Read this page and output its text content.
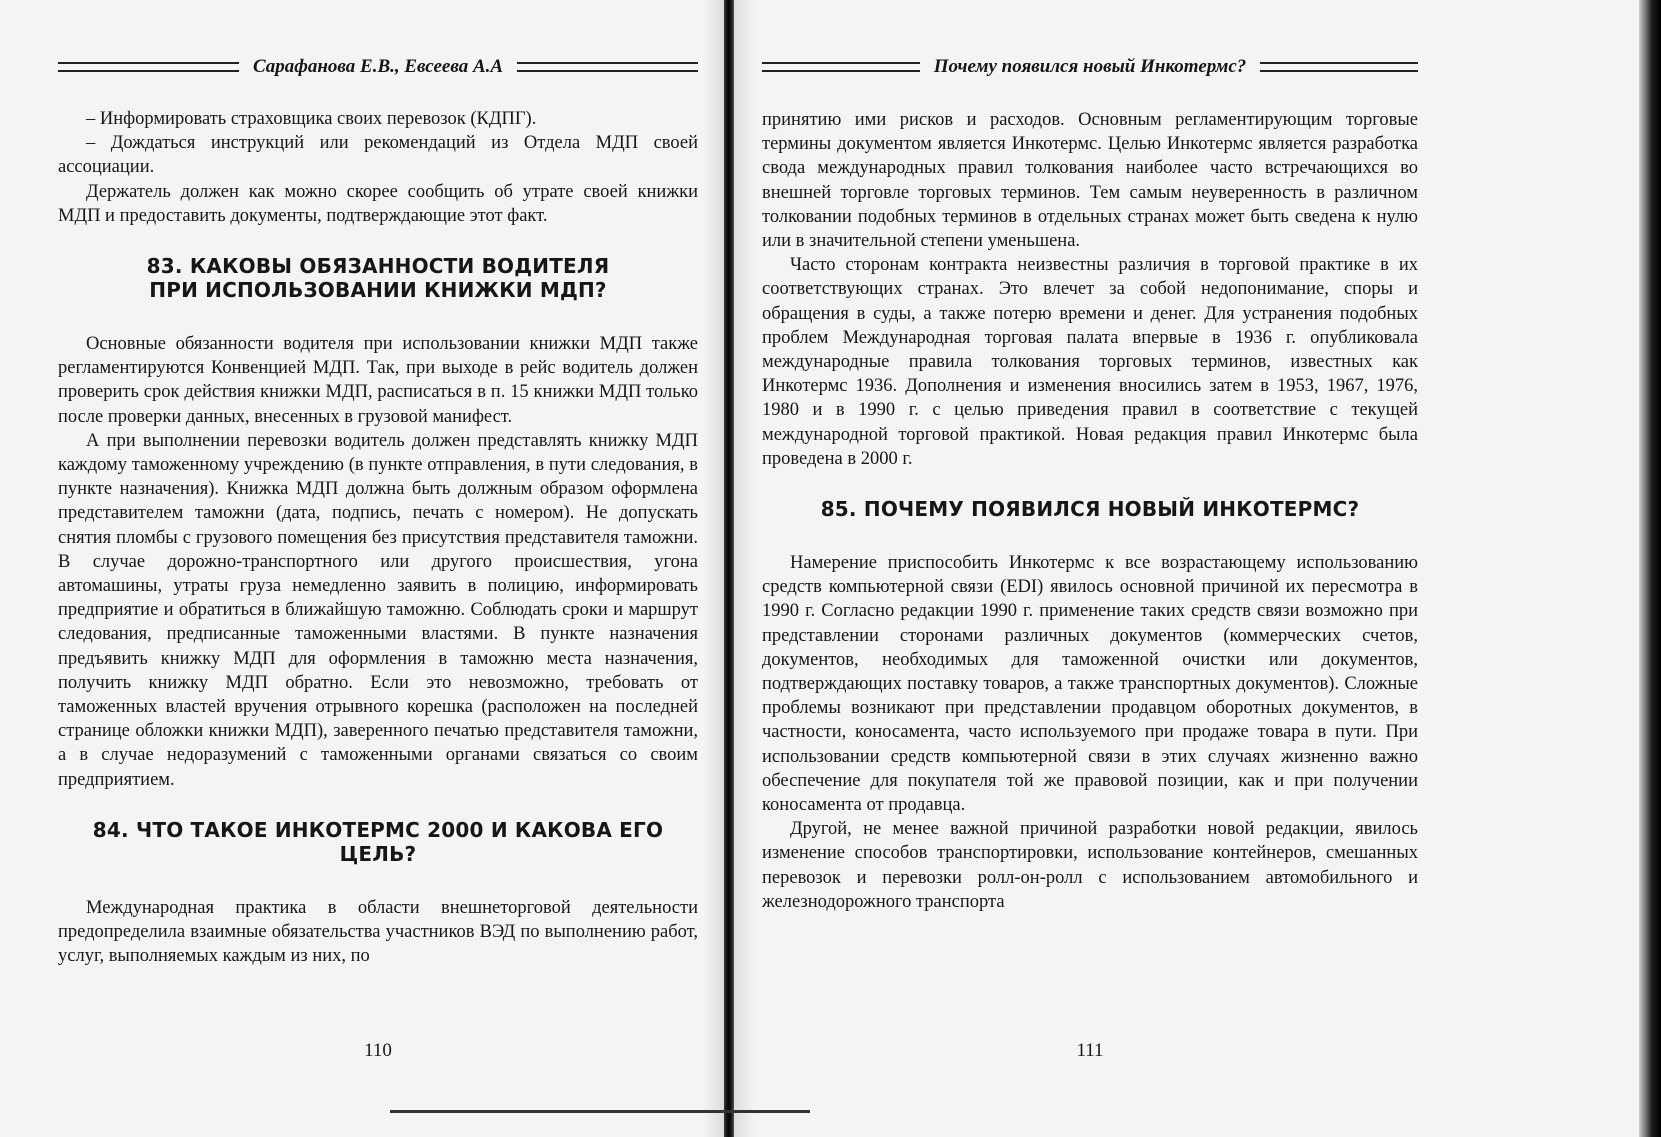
Сарафанова Е.В., Евсеева А.А

– Информировать страховщика своих перевозок (КДПГ).

– Дождаться инструкций или рекомендаций из Отдела МДП своей ассоциации.

Держатель должен как можно скорее сообщить об утрате своей книжки МДП и предоставить документы, подтверждающие этот факт.

83. КАКОВЫ ОБЯЗАННОСТИ ВОДИТЕЛЯ
ПРИ ИСПОЛЬЗОВАНИИ КНИЖКИ МДП?

Основные обязанности водителя при использовании книжки МДП также регламентируются Конвенцией МДП. Так, при выходе в рейс водитель должен проверить срок действия книжки МДП, расписаться в п. 15 книжки МДП только после проверки данных, внесенных в грузовой манифест.

А при выполнении перевозки водитель должен представлять книжку МДП каждому таможенному учреждению (в пункте отправления, в пути следования, в пункте назначения). Книжка МДП должна быть должным образом оформлена представителем таможни (дата, подпись, печать с номером). Не допускать снятия пломбы с грузового помещения без присутствия представителя таможни. В случае дорожно-транспортного или другого происшествия, угона автомашины, утраты груза немедленно заявить в полицию, информировать предприятие и обратиться в ближайшую таможню. Соблюдать сроки и маршрут следования, предписанные таможенными властями. В пункте назначения предъявить книжку МДП для оформления в таможню места назначения, получить книжку МДП обратно. Если это невозможно, требовать от таможенных властей вручения отрывного корешка (расположен на последней странице обложки книжки МДП), заверенного печатью представителя таможни, а в случае недоразумений с таможенными органами связаться со своим предприятием.

84. ЧТО ТАКОЕ ИНКОТЕРМС 2000 И КАКОВА ЕГО ЦЕЛЬ?

Международная практика в области внешнеторговой деятельности предопределила взаимные обязательства участников ВЭД по выполнению работ, услуг, выполняемых каждым из них, по

110
Почему появился новый Инкотермс?

принятию ими рисков и расходов. Основным регламентирующим торговые термины документом является Инкотермс. Целью Инкотермс является разработка свода международных правил толкования наиболее часто встречающихся во внешней торговле торговых терминов. Тем самым неуверенность в различном толковании подобных терминов в отдельных странах может быть сведена к нулю или в значительной степени уменьшена.

Часто сторонам контракта неизвестны различия в торговой практике в их соответствующих странах. Это влечет за собой недопонимание, споры и обращения в суды, а также потерю времени и денег. Для устранения подобных проблем Международная торговая палата впервые в 1936 г. опубликовала международные правила толкования торговых терминов, известных как Инкотермс 1936. Дополнения и изменения вносились затем в 1953, 1967, 1976, 1980 и в 1990 г. с целью приведения правил в соответствие с текущей международной торговой практикой. Новая редакция правил Инкотермс была проведена в 2000 г.

85. ПОЧЕМУ ПОЯВИЛСЯ НОВЫЙ ИНКОТЕРМС?

Намерение приспособить Инкотермс к все возрастающему использованию средств компьютерной связи (EDI) явилось основной причиной их пересмотра в 1990 г. Согласно редакции 1990 г. применение таких средств связи возможно при представлении сторонами различных документов (коммерческих счетов, документов, необходимых для таможенной очистки или документов, подтверждающих поставку товаров, а также транспортных документов). Сложные проблемы возникают при представлении продавцом оборотных документов, в частности, коносамента, часто используемого при продаже товара в пути. При использовании средств компьютерной связи в этих случаях жизненно важно обеспечение для покупателя той же правовой позиции, как и при получении коносамента от продавца.

Другой, не менее важной причиной разработки новой редакции, явилось изменение способов транспортировки, использование контейнеров, смешанных перевозок и перевозки ролл-он-ролл с использованием автомобильного и железнодорожного транспорта

111
